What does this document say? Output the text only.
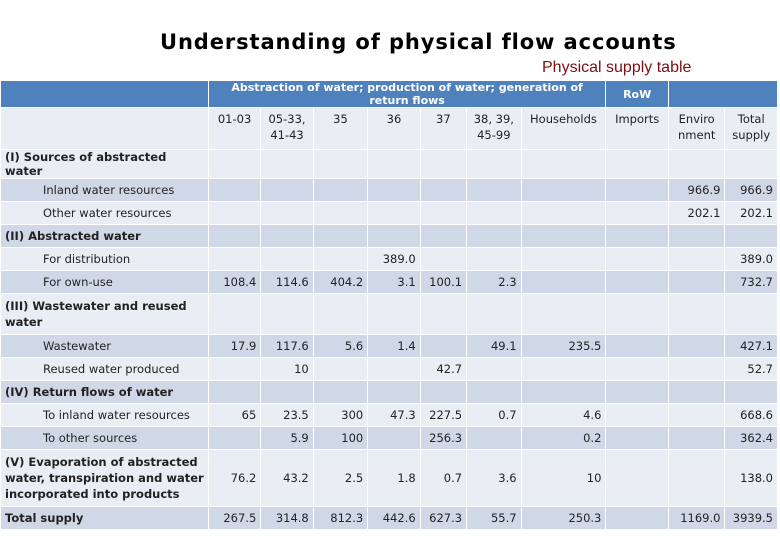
Understanding of physical flow accounts
Physical supply table
	Abstraction of water; production of water; generation of return flows							RoW		
	01-03	05-33, 41-43	35	36	37	38, 39, 45-99	Households	Imports	Enviro nment	Total supply
(I) Sources of abstracted water										
Inland water resources									966.9	966.9
Other water resources									202.1	202.1
(II) Abstracted water										
For distribution				389.0						389.0
For own-use	108.4	114.6	404.2	3.1	100.1	2.3				732.7
(III) Wastewater and reused water										
Wastewater	17.9	117.6	5.6	1.4		49.1	235.5			427.1
Reused water produced		10			42.7					52.7
(IV) Return flows of water										
To inland water resources	65	23.5	300	47.3	227.5	0.7	4.6			668.6
To other sources		5.9	100		256.3		0.2			362.4
(V) Evaporation of abstracted water, transpiration and water incorporated into products	76.2	43.2	2.5	1.8	0.7	3.6	10			138.0
Total supply	267.5	314.8	812.3	442.6	627.3	55.7	250.3		1169.0	3939.5
